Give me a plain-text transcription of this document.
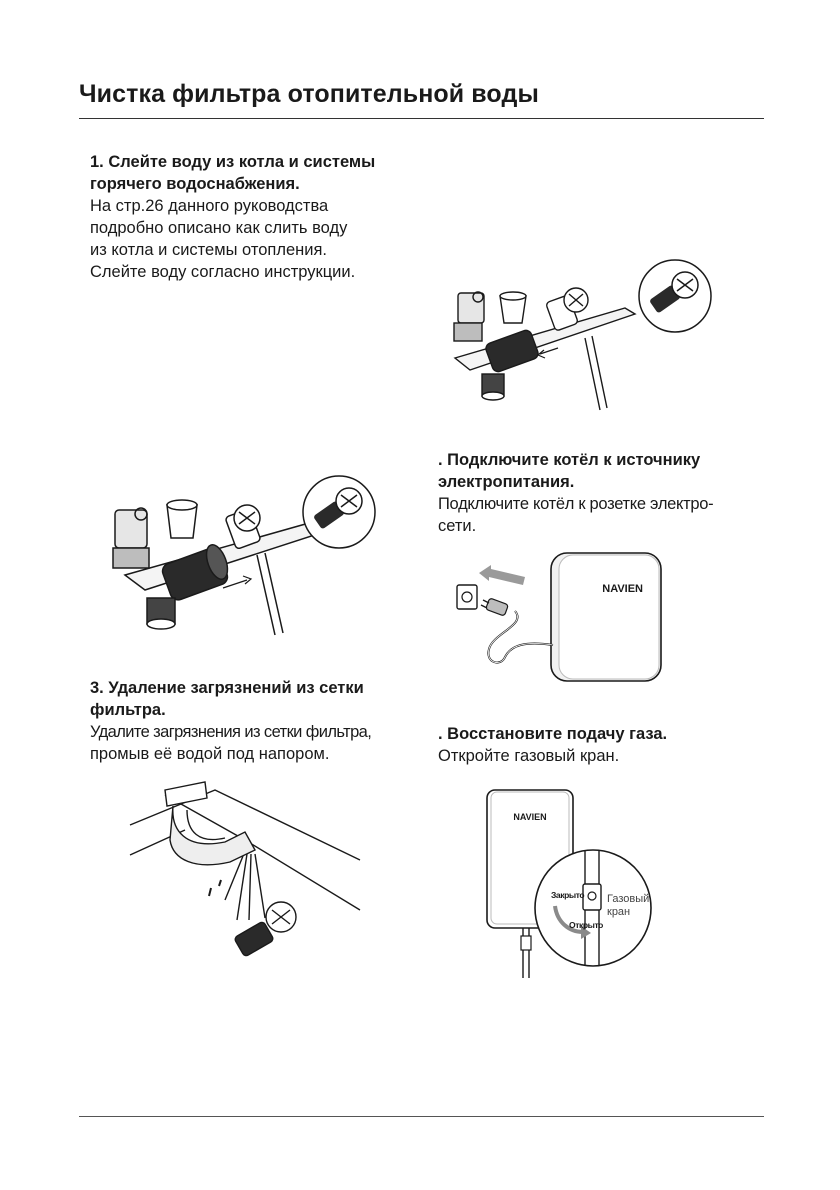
Чистка фильтра отопительной воды

1. Слейте воду из котла и системы

горячего водоснабжения.

На стр.26 данного руководства

подробно описано как слить воду

из котла и системы отопления.

Слейте воду согласно инструкции.

3. Удаление загрязнений из сетки

фильтра.

Удалите загрязнения из сетки фильтра,

промыв её водой под напором.

. Подключите котёл к источнику

электропитания.

Подключите котёл к розетке электро-

сети.

NAVIEN

. Восстановите подачу газа.

Откройте газовый кран.

NAVIEN
Закрыто
Открыто
Газовый
кран
